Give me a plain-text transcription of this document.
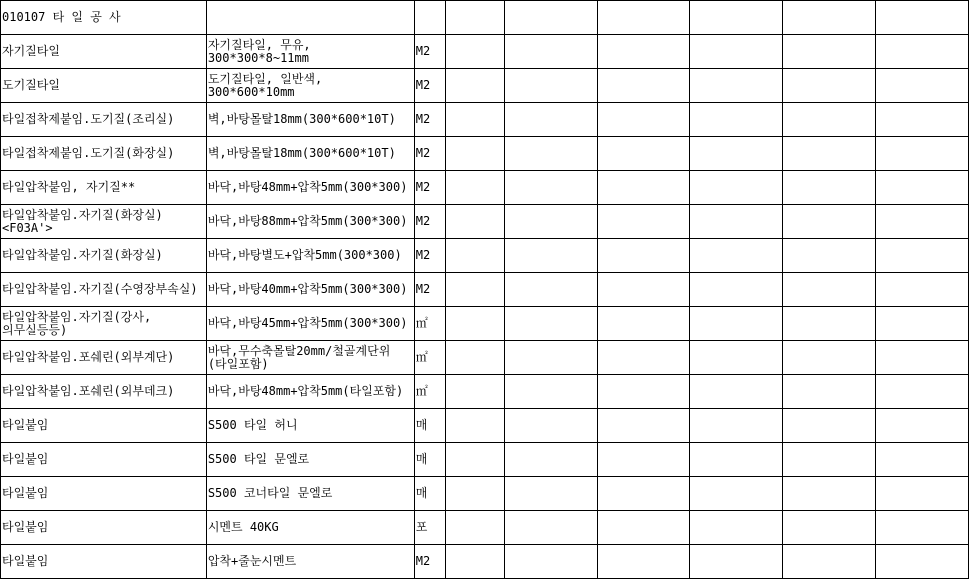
010107 타 일 공 사								
자기질타일	자기질타일, 무유, 300*300*8~11mm	M2						
도기질타일	도기질타일, 일반색, 300*600*10mm	M2						
타일접착제붙임.도기질(조리실)	벽,바탕몰탈18mm(300*600*10T)	M2						
타일접착제붙임.도기질(화장실)	벽,바탕몰탈18mm(300*600*10T)	M2						
타일압착붙임, 자기질**	바닥,바탕48mm+압착5mm(300*300)	M2						
타일압착붙임.자기질(화장실)<F03A'>	바닥,바탕88mm+압착5mm(300*300)	M2						
타일압착붙임.자기질(화장실)	바닥,바탕별도+압착5mm(300*300)	M2						
타일압착붙임.자기질(수영장부속실)	바닥,바탕40mm+압착5mm(300*300)	M2						
타일압착붙임.자기질(강사,의무실등등)	바닥,바탕45mm+압착5mm(300*300)	㎡						
타일압착붙임.포쉐린(외부계단)	바닥,무수축몰탈20mm/철골계단위(타일포함)	㎡						
타일압착붙임.포쉐린(외부데크)	바닥,바탕48mm+압착5mm(타일포함)	㎡						
타일붙임	S500 타일 허니	매						
타일붙임	S500 타일 문엘로	매						
타일붙임	S500 코너타일 문엘로	매						
타일붙임	시멘트 40KG	포						
타일붙임	압착+줄눈시멘트	M2						
